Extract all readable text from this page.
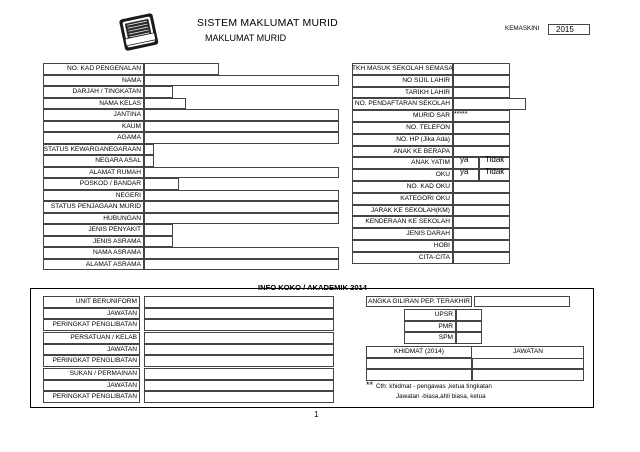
SISTEM MAKLUMAT MURID
MAKLUMAT MURID
KEMASKINI 2015
NO. KAD PENGENALAN
NAMA
DARJAH / TINGKATAN
NAMA KELAS
JANTINA
KAUM
AGAMA
STATUS KEWARGANEGARAAN
NEGARA ASAL
ALAMAT RUMAH
POSKOD / BANDAR
NEGERI
STATUS PENJAGAAN MURID
HUBUNGAN
JENIS PENYAKIT
JENIS ASRAMA
NAMA ASRAMA
ALAMAT ASRAMA
TKH MASUK SEKOLAH SEMASA
NO SIJIL LAHIR
TARIKH LAHIR
NO. PENDAFTARAN SEKOLAH
MURID SAR
NO. TELEFON
NO. HP (Jika Ada)
ANAK KE BERAPA
ANAK YATIM
OKU
NO. KAD OKU
KATEGORI OKU
JARAK KE SEKOLAH(KM)
KENDERAAN KE SEKOLAH
JENIS DARAH
HOBI
CITA-CITA
*****
ya Tidak
ya Tidak
INFO KOKO / AKADEMIK 2014
UNIT BERUNIFORM
JAWATAN
PERINGKAT PENGLIBATAN
PERSATUAN / KELAB
JAWATAN
PERINGKAT PENGLIBATAN
SUKAN / PERMAINAN
JAWATAN
PERINGKAT PENGLIBATAN
ANGKA GILIRAN PEP. TERAKHIR
UPSR
PMR
SPM
KHIDMAT (2014)	JAWATAN
** Cth: khidmat - pengawas ,ketua tingkatan
Jawatan -biasa,ahli biasa, ketua
1
